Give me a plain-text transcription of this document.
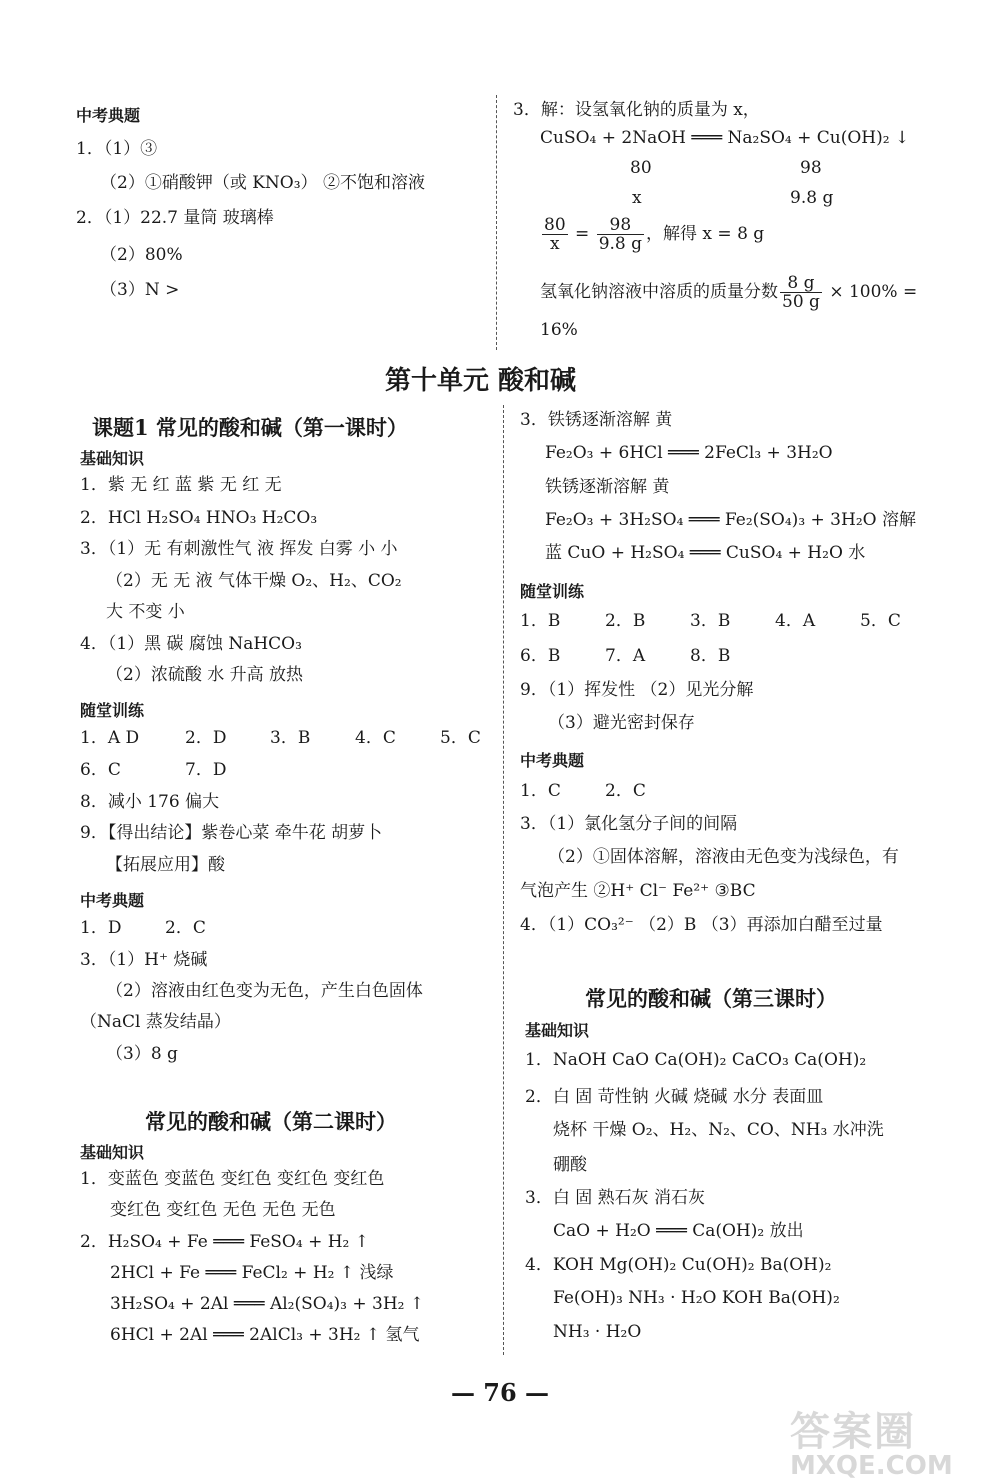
中考典题
1．（1）③
（2）①硝酸钾（或 KNO₃） ②不饱和溶液
2．（1）22.7 量筒 玻璃棒
（2）80%
（3）N >
3．解：设氢氧化钠的质量为 x，
CuSO₄ + 2NaOH ═══ Na₂SO₄ + Cu(OH)₂ ↓
80	98
x	9.8 g
$\frac{80}{x} = \frac{98}{9.8 g}$ ，解得 x = 8 g
氢氧化钠溶液中溶质的质量分数 $\frac{8 g}{50 g} \times 100\%$ =
16%
第十单元 酸和碱
课题1 常见的酸和碱（第一课时）
基础知识
1．紫 无 红 蓝 紫 无 红 无
2．HCl H₂SO₄ HNO₃ H₂CO₃
3．（1）无 有刺激性气 液 挥发 白雾 小 小
（2）无 无 液 气体干燥 O₂、H₂、CO₂
大 不变 小
4．（1）黑 碳 腐蚀 NaHCO₃
（2）浓硫酸 水 升高 放热
随堂训练
1．A D	2．D	3．B	4．C	5．C
6．C	7．D
8．减小 176 偏大
9．【得出结论】紫卷心菜 牵牛花 胡萝卜
【拓展应用】酸
中考典题
1．D	2．C
3．（1）H⁺ 烧碱
（2）溶液由红色变为无色，产生白色固体
（NaCl 蒸发结晶）
（3）8 g
常见的酸和碱（第二课时）
基础知识
1．变蓝色 变蓝色 变红色 变红色 变红色
变红色 变红色 无色 无色 无色
2．H₂SO₄ + Fe ═══ FeSO₄ + H₂ ↑
2HCl + Fe ═══ FeCl₂ + H₂ ↑ 浅绿
3H₂SO₄ + 2Al ═══ Al₂(SO₄)₃ + 3H₂ ↑
6HCl + 2Al ═══ 2AlCl₃ + 3H₂ ↑ 氢气
3．铁锈逐渐溶解 黄
Fe₂O₃ + 6HCl ═══ 2FeCl₃ + 3H₂O
铁锈逐渐溶解 黄
Fe₂O₃ + 3H₂SO₄ ═══ Fe₂(SO₄)₃ + 3H₂O 溶解
蓝 CuO + H₂SO₄ ═══ CuSO₄ + H₂O 水
随堂训练
1．B	2．B	3．B	4．A	5．C
6．B	7．A	8．B
9．（1）挥发性 （2）见光分解
（3）避光密封保存
中考典题
1．C	2．C
3．（1）氯化氢分子间的间隔
（2）①固体溶解，溶液由无色变为浅绿色，有
气泡产生 ②H⁺ Cl⁻ Fe²⁺ ③BC
4．（1）CO₃²⁻ （2）B （3）再添加白醋至过量
常见的酸和碱（第三课时）
基础知识
1．NaOH CaO Ca(OH)₂ CaCO₃ Ca(OH)₂
2．白 固 苛性钠 火碱 烧碱 水分 表面皿
烧杯 干燥 O₂、H₂、N₂、CO、NH₃ 水冲洗
硼酸
3．白 固 熟石灰 消石灰
CaO + H₂O ═══ Ca(OH)₂ 放出
4．KOH Mg(OH)₂ Cu(OH)₂ Ba(OH)₂
Fe(OH)₃ NH₃ · H₂O KOH Ba(OH)₂
NH₃ · H₂O
— 76 —
答案圈
MXQE.COM
